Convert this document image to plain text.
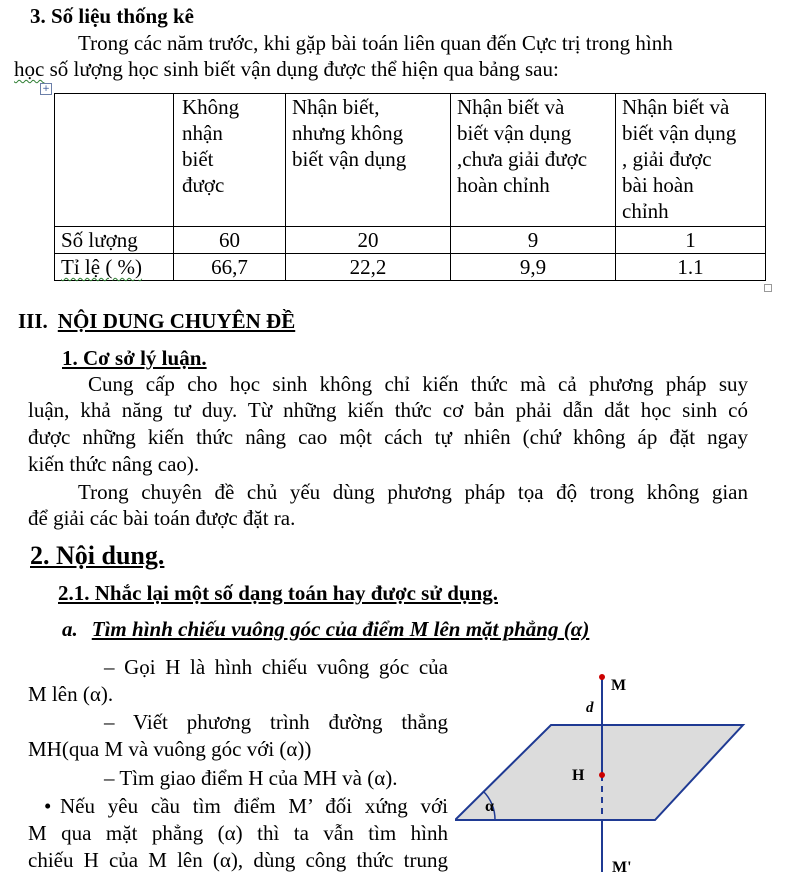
3. Số liệu thống kê
Trong các năm trước, khi gặp bài toán liên quan đến Cực trị trong hình
học số lượng học sinh biết vận dụng được thể hiện qua bảng sau:
+
	Không
nhận
biết
được	Nhận biết,
nhưng không
biết vận dụng	Nhận biết và
biết vận dụng
,chưa giải được
hoàn chỉnh	Nhận biết và
biết vận dụng
, giải được
bài hoàn
chỉnh
Số lượng	60	20	9	1
Tỉ lệ ( %)	66,7	22,2	9,9	1.1
III. NỘI DUNG CHUYÊN ĐỀ
1. Cơ sở lý luận.
Cung cấp cho học sinh không chỉ kiến thức mà cả phương pháp suy
luận, khả năng tư duy. Từ những kiến thức cơ bản phải dẫn dắt học sinh có
được những kiến thức nâng cao một cách tự nhiên (chứ không áp đặt ngay
kiến thức nâng cao).
Trong chuyên đề chủ yếu dùng phương pháp tọa độ trong không gian
để giải các bài toán được đặt ra.
2. Nội dung.
2.1. Nhắc lại một số dạng toán hay được sử dụng.
a. Tìm hình chiếu vuông góc của điểm M lên mặt phẳng (α)
– Gọi H là hình chiếu vuông góc của
M lên (α).
– Viết phương trình đường thẳng
MH(qua M và vuông góc với (α))
– Tìm giao điểm H của MH và (α).
• Nếu yêu cầu tìm điểm M’ đối xứng với
M qua mặt phẳng (α) thì ta vẫn tìm hình
chiếu H của M lên (α), dùng công thức trung
M
d
H
α
M'
